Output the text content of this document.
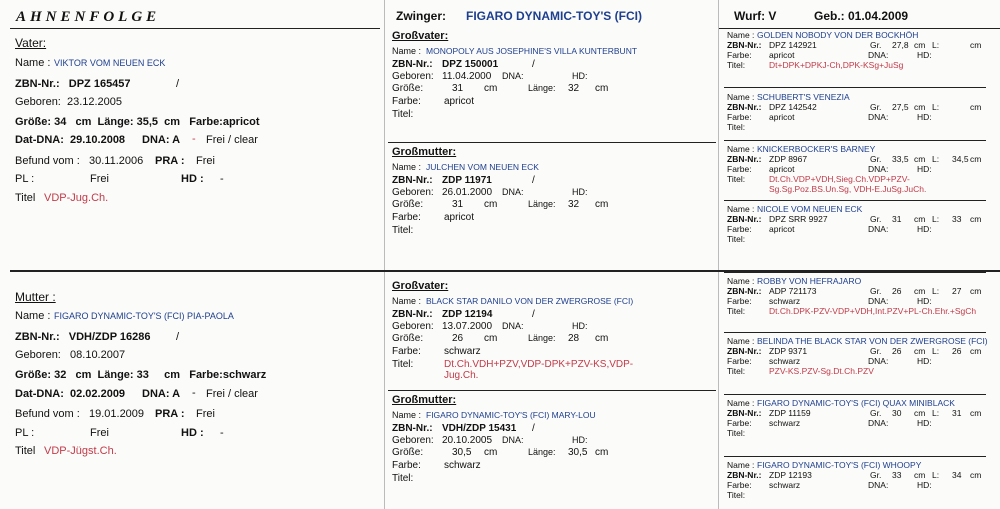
AHNENFOLGE	Zwinger: FIGARO DYNAMIC-TOY'S (FCI)	Wurf: V	Geb.: 01.04.2009
Vater:
Name : VIKTOR VOM NEUEN ECK
ZBN-Nr.:   DPZ 165457	/
Geboren:  23.12.2005
Größe: 34   cm  Länge: 35,5  cm   Farbe:apricot
Dat-DNA:  29.10.2008 DNA: A - Frei / clear
Befund vom :   30.11.2006 PRA : Frei
PL :	Frei	HD : -
Titel VDP-Jug.Ch.
Mutter :
Name : FIGARO DYNAMIC-TOY'S (FCI) PIA-PAOLA
ZBN-Nr.:   VDH/ZDP 16286 /
Geboren:   08.10.2007
Größe: 32   cm  Länge: 33     cm   Farbe:schwarz
Dat-DNA:  02.02.2009 DNA: A - Frei / clear
Befund vom :   19.01.2009 PRA : Frei
PL :	Frei	HD : -
Titel VDP-Jügst.Ch.
Großvater:
Name : MONOPOLY AUS JOSEPHINE'S VILLA KUNTERBUNT
ZBN-Nr.: DPZ 150001	/
Geboren: 11.04.2000 DNA:	HD:
Größe:	31 cm	Länge: 32 cm
Farbe: apricot
Titel:
Großmutter:
Name : JULCHEN VOM NEUEN ECK
ZBN-Nr.: ZDP 11971	/
Geboren: 26.01.2000 DNA:	HD:
Größe:	31 cm	Länge: 32 cm
Farbe: apricot
Titel:
Großvater:
Name : BLACK STAR DANILO VON DER ZWERGROSE (FCI)
ZBN-Nr.: ZDP 12194	/
Geboren: 13.07.2000 DNA:	HD:
Größe:	26 cm	Länge: 28 cm
Farbe: schwarz
Titel:	Dt.Ch.VDH+PZV,VDP-DPK+PZV-KS,VDP-
Jug.Ch.
Großmutter:
Name : FIGARO DYNAMIC-TOY'S (FCI) MARY-LOU
ZBN-Nr.: VDH/ZDP 15431 /
Geboren: 20.10.2005 DNA:	HD:
Größe:	30,5 cm	Länge: 30,5 cm
Farbe: schwarz
Titel:
Name : GOLDEN NOBODY VON DER BOCKHÖH
ZBN-Nr.: DPZ 142921	Gr. 27,8 cm L:	cm
Farbe: apricot	DNA:	HD:
Titel:	Dt+DPK+DPKJ-Ch,DPK-KSg+JuSg
Name : SCHUBERT'S VENEZIA
ZBN-Nr.: DPZ 142542	Gr. 27,5 cm L:	cm
Farbe: apricot	DNA:	HD:
Titel:
Name : KNICKERBOCKER'S BARNEY
ZBN-Nr.: ZDP 8967	Gr. 33,5 cm L: 34,5 cm
Farbe: apricot	DNA:	HD:
Titel:	Dt.Ch.VDP+VDH,Sieg.Ch.VDP+PZV-
Sg.Sg.Poz.BS.Un.Sg, VDH-E.JuSg.JuCh.
Name : NICOLE VOM NEUEN ECK
ZBN-Nr.: DPZ SRR 9927	Gr. 31 cm L: 33 cm
Farbe: apricot	DNA:	HD:
Titel:
Name : ROBBY VON HEFRAJARO
ZBN-Nr.: ADP 721173	Gr. 26 cm L: 27 cm
Farbe: schwarz	DNA:	HD:
Titel:	Dt.Ch.DPK-PZV-VDP+VDH,Int.PZV+PL-Ch.Ehr.+SgCh
Name : BELINDA THE BLACK STAR VON DER ZWERGROSE (FCI)
ZBN-Nr.: ZDP 9371	Gr. 26 cm L: 26 cm
Farbe: schwarz	DNA:	HD:
Titel:	PZV-KS.PZV-Sg.Dt.Ch.PZV
Name : FIGARO DYNAMIC-TOY'S (FCI) QUAX MINIBLACK
ZBN-Nr.: ZDP 11159	Gr. 30 cm L: 31 cm
Farbe: schwarz	DNA:	HD:
Titel:
Name : FIGARO DYNAMIC-TOY'S (FCI) WHOOPY
ZBN-Nr.: ZDP 12193	Gr. 33 cm L: 34 cm
Farbe: schwarz	DNA:	HD:
Titel:
